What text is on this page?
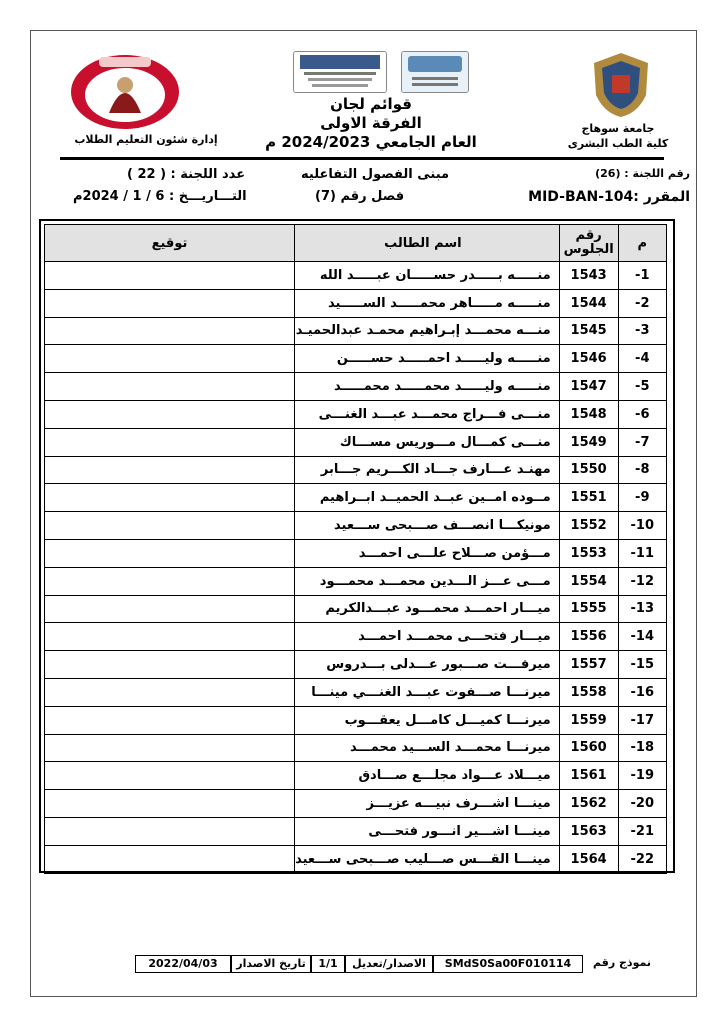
إدارة شئون التعليم الطلاب
قوائم لجان
الفرقة الاولى
العام الجامعي 2024/2023 م
جامعة سوهاج
كلية الطب البشرى
رقم اللجنة : (26)
المقرر :MID-BAN-104
مبنى الفصول التفاعليه
فصل رقم (7)
عدد اللجنة : ( 22 )
التـــاريـــخ : 6 / 1 / 2024م
توقيع	اسم الطالب	رقم الجلوس	م
	منـــــه بـــــدر حســـــان عبـــــد الله	1543	-1
	منـــــه مـــــاهر محمـــــد الســـــيد	1544	-2
	منـــه محمـــد إبـراهيم محمـد عبدالحميـد	1545	-3
	منـــــه وليـــــد احمـــــد حســـــن	1546	-4
	منـــــه وليـــــد محمـــــد محمـــــد	1547	-5
	منـــى فـــراج محمـــد عبـــد الغنـــى	1548	-6
	منـــى كمـــال مـــوريس مســـاك	1549	-7
	مهنـد عـــارف جـــاد الكـــريم جـــابر	1550	-8
	مــوده امــين عبــد الحميــد ابــراهيم	1551	-9
	مونيكـــا انصـــف صـــبحى ســـعيد	1552	-10
	مـــؤمن صـــلاح علـــى احمـــد	1553	-11
	مـــى عـــز الـــدين محمـــد محمـــود	1554	-12
	ميـــار احمـــد محمـــود عبـــدالكريم	1555	-13
	ميـــار فتحـــى محمـــد احمـــد	1556	-14
	ميرفـــت صـــبور عـــدلى بـــدروس	1557	-15
	ميرنـــا صـــفوت عبـــد الغنـــي مينـــا	1558	-16
	ميرنـــا كميـــل كامـــل يعقـــوب	1559	-17
	ميرنـــا محمـــد الســـيد محمـــد	1560	-18
	ميـــلاد عـــواد مجلـــع صـــادق	1561	-19
	مينـــا اشـــرف نبيـــه عزيـــز	1562	-20
	مينـــا اشـــير انـــور فتحـــى	1563	-21
	مينـــا القـــس صـــليب صـــبحى ســـعيد	1564	-22
نموذج رقم
SMdS0Sa00F010114
الاصدار/تعديل
1/1
تاريخ الاصدار
2022/04/03
